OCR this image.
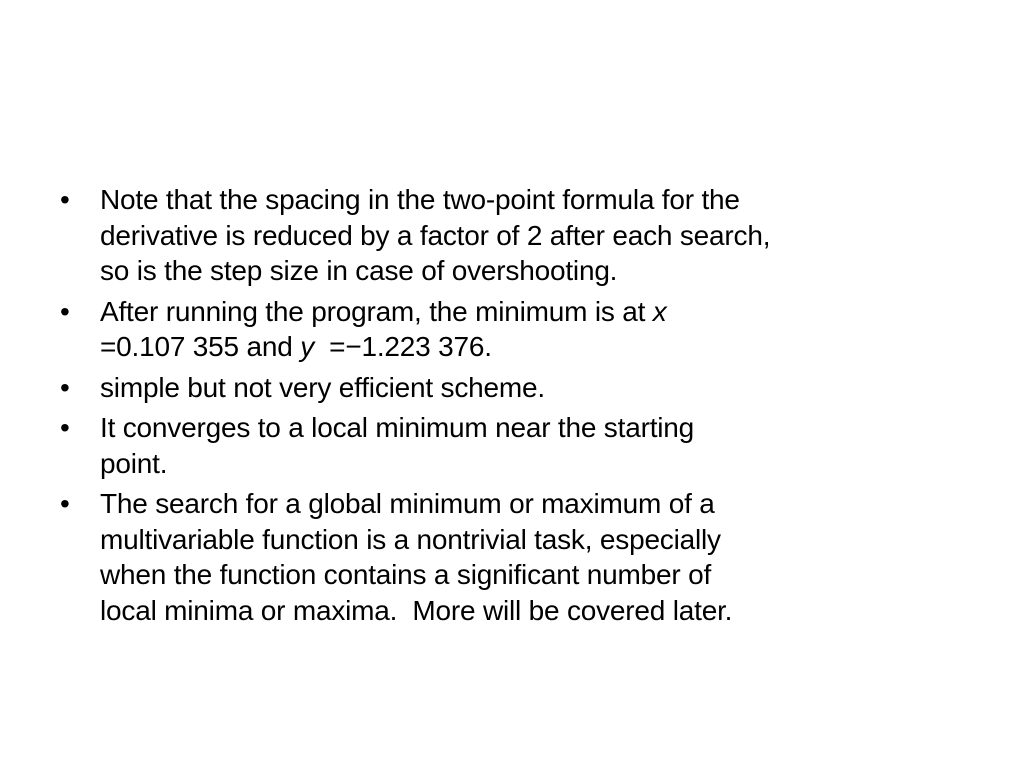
•	Note that the spacing in the two-point formula for the
derivative is reduced by a factor of 2 after each search,
so is the step size in case of overshooting.
•	After running the program, the minimum is at x
=0.107 355 and y  =−1.223 376.
•	simple but not very efficient scheme.
•	It converges to a local minimum near the starting
point.
•	The search for a global minimum or maximum of a
multivariable function is a nontrivial task, especially
when the function contains a significant number of
local minima or maxima.  More will be covered later.
